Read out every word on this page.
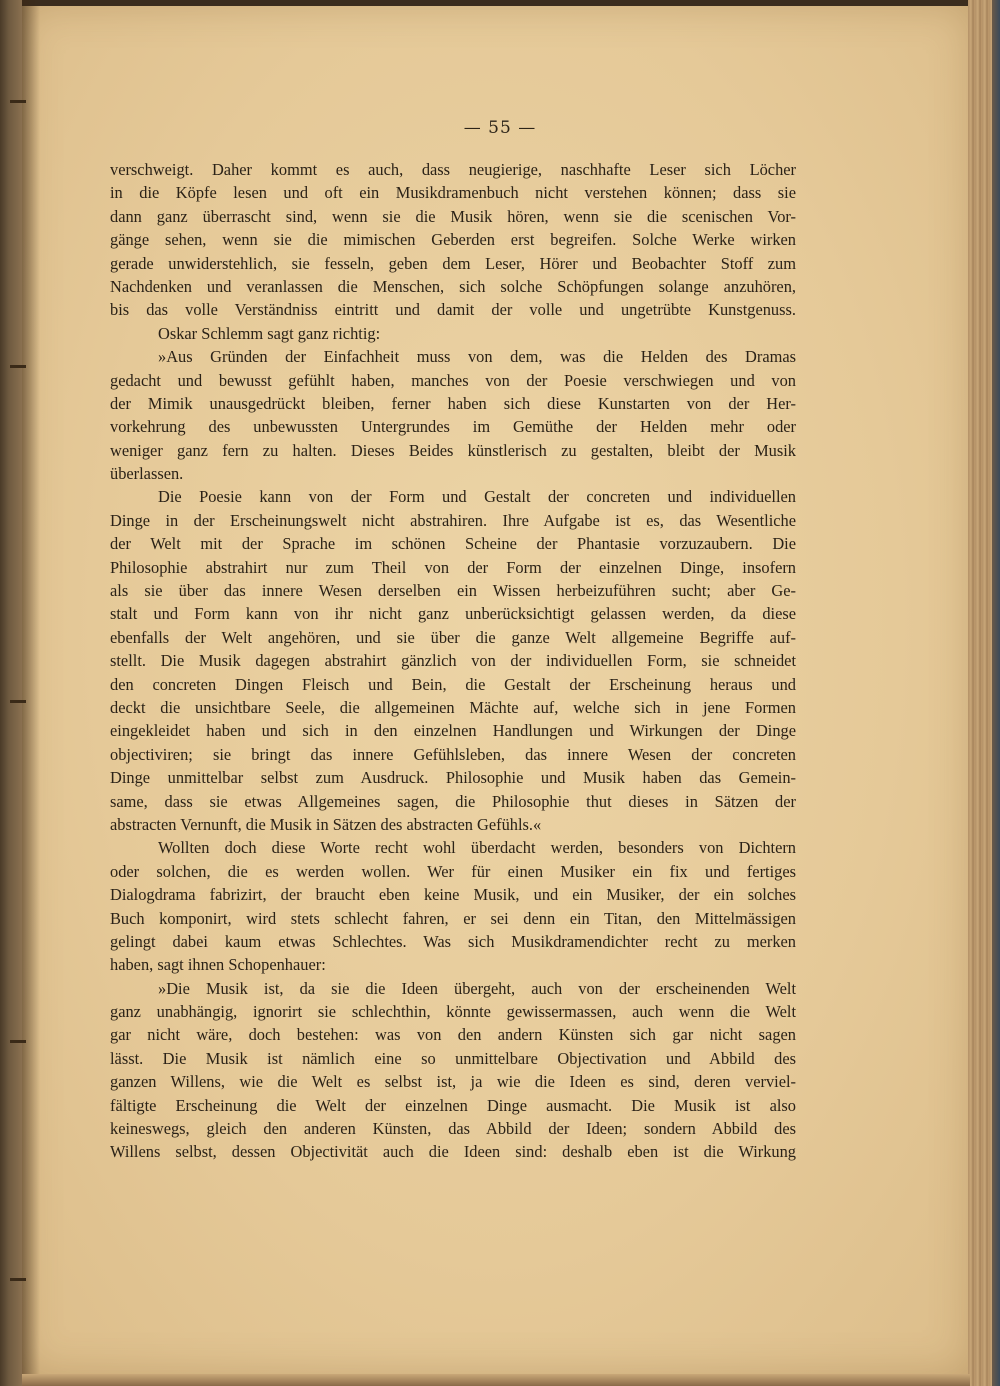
— 55 —
verschweigt. Daher kommt es auch, dass neugierige, naschhafte Leser sich Löcher
in die Köpfe lesen und oft ein Musikdramenbuch nicht verstehen können; dass sie
dann ganz überrascht sind, wenn sie die Musik hören, wenn sie die scenischen Vor-
gänge sehen, wenn sie die mimischen Geberden erst begreifen. Solche Werke wirken
gerade unwiderstehlich, sie fesseln, geben dem Leser, Hörer und Beobachter Stoff zum
Nachdenken und veranlassen die Menschen, sich solche Schöpfungen solange anzuhören,
bis das volle Verständniss eintritt und damit der volle und ungetrübte Kunstgenuss.
Oskar Schlemm sagt ganz richtig:
»Aus Gründen der Einfachheit muss von dem, was die Helden des Dramas
gedacht und bewusst gefühlt haben, manches von der Poesie verschwiegen und von
der Mimik unausgedrückt bleiben, ferner haben sich diese Kunstarten von der Her-
vorkehrung des unbewussten Untergrundes im Gemüthe der Helden mehr oder
weniger ganz fern zu halten. Dieses Beides künstlerisch zu gestalten, bleibt der Musik
überlassen.
Die Poesie kann von der Form und Gestalt der concreten und individuellen
Dinge in der Erscheinungswelt nicht abstrahiren. Ihre Aufgabe ist es, das Wesentliche
der Welt mit der Sprache im schönen Scheine der Phantasie vorzuzaubern. Die
Philosophie abstrahirt nur zum Theil von der Form der einzelnen Dinge, insofern
als sie über das innere Wesen derselben ein Wissen herbeizuführen sucht; aber Ge-
stalt und Form kann von ihr nicht ganz unberücksichtigt gelassen werden, da diese
ebenfalls der Welt angehören, und sie über die ganze Welt allgemeine Begriffe auf-
stellt. Die Musik dagegen abstrahirt gänzlich von der individuellen Form, sie schneidet
den concreten Dingen Fleisch und Bein, die Gestalt der Erscheinung heraus und
deckt die unsichtbare Seele, die allgemeinen Mächte auf, welche sich in jene Formen
eingekleidet haben und sich in den einzelnen Handlungen und Wirkungen der Dinge
objectiviren; sie bringt das innere Gefühlsleben, das innere Wesen der concreten
Dinge unmittelbar selbst zum Ausdruck. Philosophie und Musik haben das Gemein-
same, dass sie etwas Allgemeines sagen, die Philosophie thut dieses in Sätzen der
abstracten Vernunft, die Musik in Sätzen des abstracten Gefühls.«
Wollten doch diese Worte recht wohl überdacht werden, besonders von Dichtern
oder solchen, die es werden wollen. Wer für einen Musiker ein fix und fertiges
Dialogdrama fabrizirt, der braucht eben keine Musik, und ein Musiker, der ein solches
Buch komponirt, wird stets schlecht fahren, er sei denn ein Titan, den Mittelmässigen
gelingt dabei kaum etwas Schlechtes. Was sich Musikdramendichter recht zu merken
haben, sagt ihnen Schopenhauer:
»Die Musik ist, da sie die Ideen übergeht, auch von der erscheinenden Welt
ganz unabhängig, ignorirt sie schlechthin, könnte gewissermassen, auch wenn die Welt
gar nicht wäre, doch bestehen: was von den andern Künsten sich gar nicht sagen
lässt. Die Musik ist nämlich eine so unmittelbare Objectivation und Abbild des
ganzen Willens, wie die Welt es selbst ist, ja wie die Ideen es sind, deren verviel-
fältigte Erscheinung die Welt der einzelnen Dinge ausmacht. Die Musik ist also
keineswegs, gleich den anderen Künsten, das Abbild der Ideen; sondern Abbild des
Willens selbst, dessen Objectivität auch die Ideen sind: deshalb eben ist die Wirkung
